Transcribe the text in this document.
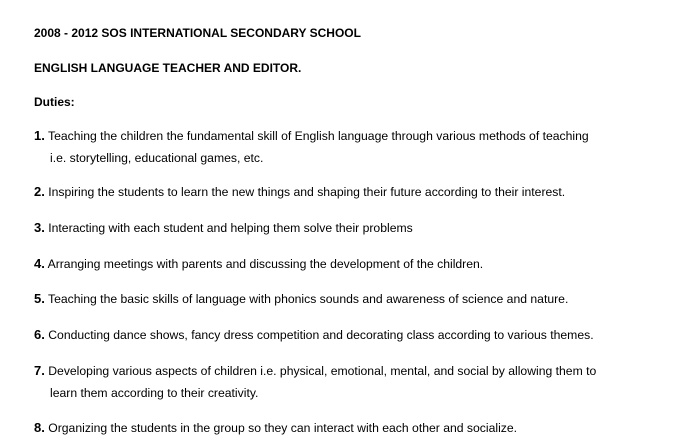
2008 - 2012 SOS INTERNATIONAL SECONDARY SCHOOL
ENGLISH LANGUAGE TEACHER AND EDITOR.
Duties:
1. Teaching the children the fundamental skill of English language through various methods of teaching
i.e. storytelling, educational games, etc.
2. Inspiring the students to learn the new things and shaping their future according to their interest.
3. Interacting with each student and helping them solve their problems
4. Arranging meetings with parents and discussing the development of the children.
5. Teaching the basic skills of language with phonics sounds and awareness of science and nature.
6. Conducting dance shows, fancy dress competition and decorating class according to various themes.
7. Developing various aspects of children i.e. physical, emotional, mental, and social by allowing them to
learn them according to their creativity.
8. Organizing the students in the group so they can interact with each other and socialize.
